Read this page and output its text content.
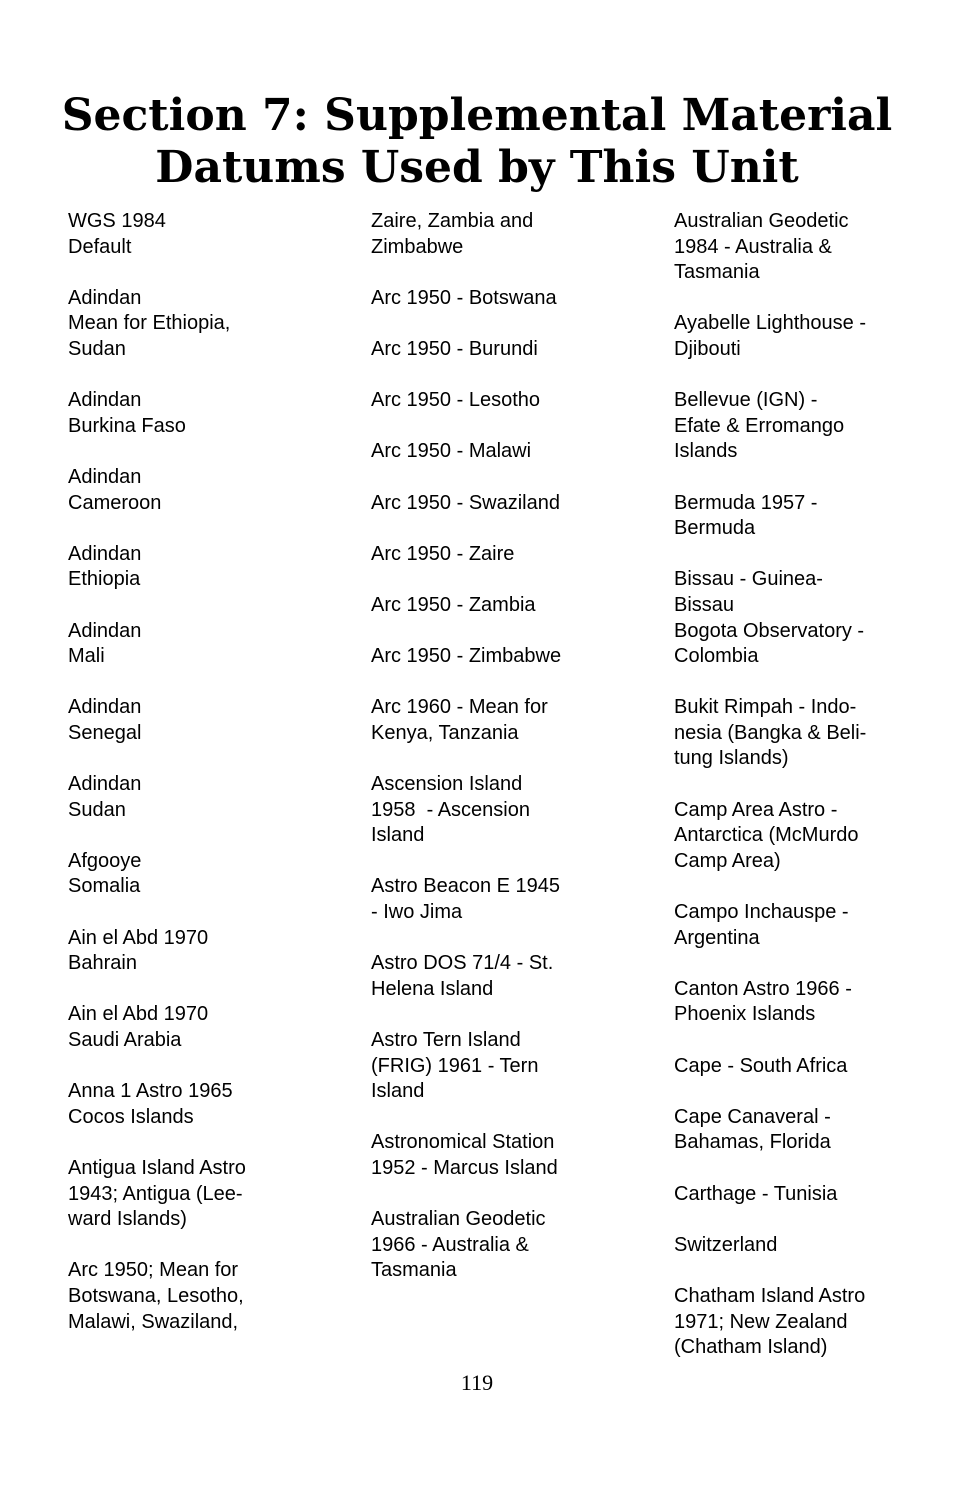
Section 7: Supplemental Material
Datums Used by This Unit
WGS 1984
Default
Adindan
Mean for Ethiopia,
Sudan
Adindan
Burkina Faso
Adindan
Cameroon
Adindan
Ethiopia
Adindan
Mali
Adindan
Senegal
Adindan
Sudan
Afgooye
Somalia
Ain el Abd 1970
Bahrain
Ain el Abd 1970
Saudi Arabia
Anna 1 Astro 1965
Cocos Islands
Antigua Island Astro
1943; Antigua (Lee-
ward Islands)
Arc 1950; Mean for
Botswana, Lesotho,
Malawi, Swaziland,
Zaire, Zambia and
Zimbabwe
Arc 1950 - Botswana
Arc 1950 - Burundi
Arc 1950 - Lesotho
Arc 1950 - Malawi
Arc 1950 - Swaziland
Arc 1950 - Zaire
Arc 1950 - Zambia
Arc 1950 - Zimbabwe
Arc 1960 - Mean for
Kenya, Tanzania
Ascension Island
1958  - Ascension
Island
Astro Beacon E 1945
- Iwo Jima
Astro DOS 71/4 - St.
Helena Island
Astro Tern Island
(FRIG) 1961 - Tern
Island
Astronomical Station
1952 - Marcus Island
Australian Geodetic
1966 - Australia &
Tasmania
Australian Geodetic
1984 - Australia &
Tasmania
Ayabelle Lighthouse -
Djibouti
Bellevue (IGN) -
Efate & Erromango
Islands
Bermuda 1957 -
Bermuda
Bissau - Guinea-
Bissau
Bogota Observatory -
Colombia
Bukit Rimpah - Indo-
nesia (Bangka & Beli-
tung Islands)
Camp Area Astro -
Antarctica (McMurdo
Camp Area)
Campo Inchauspe -
Argentina
Canton Astro 1966 -
Phoenix Islands
Cape - South Africa
Cape Canaveral -
Bahamas, Florida
Carthage - Tunisia
Switzerland
Chatham Island Astro
1971; New Zealand
(Chatham Island)
119
